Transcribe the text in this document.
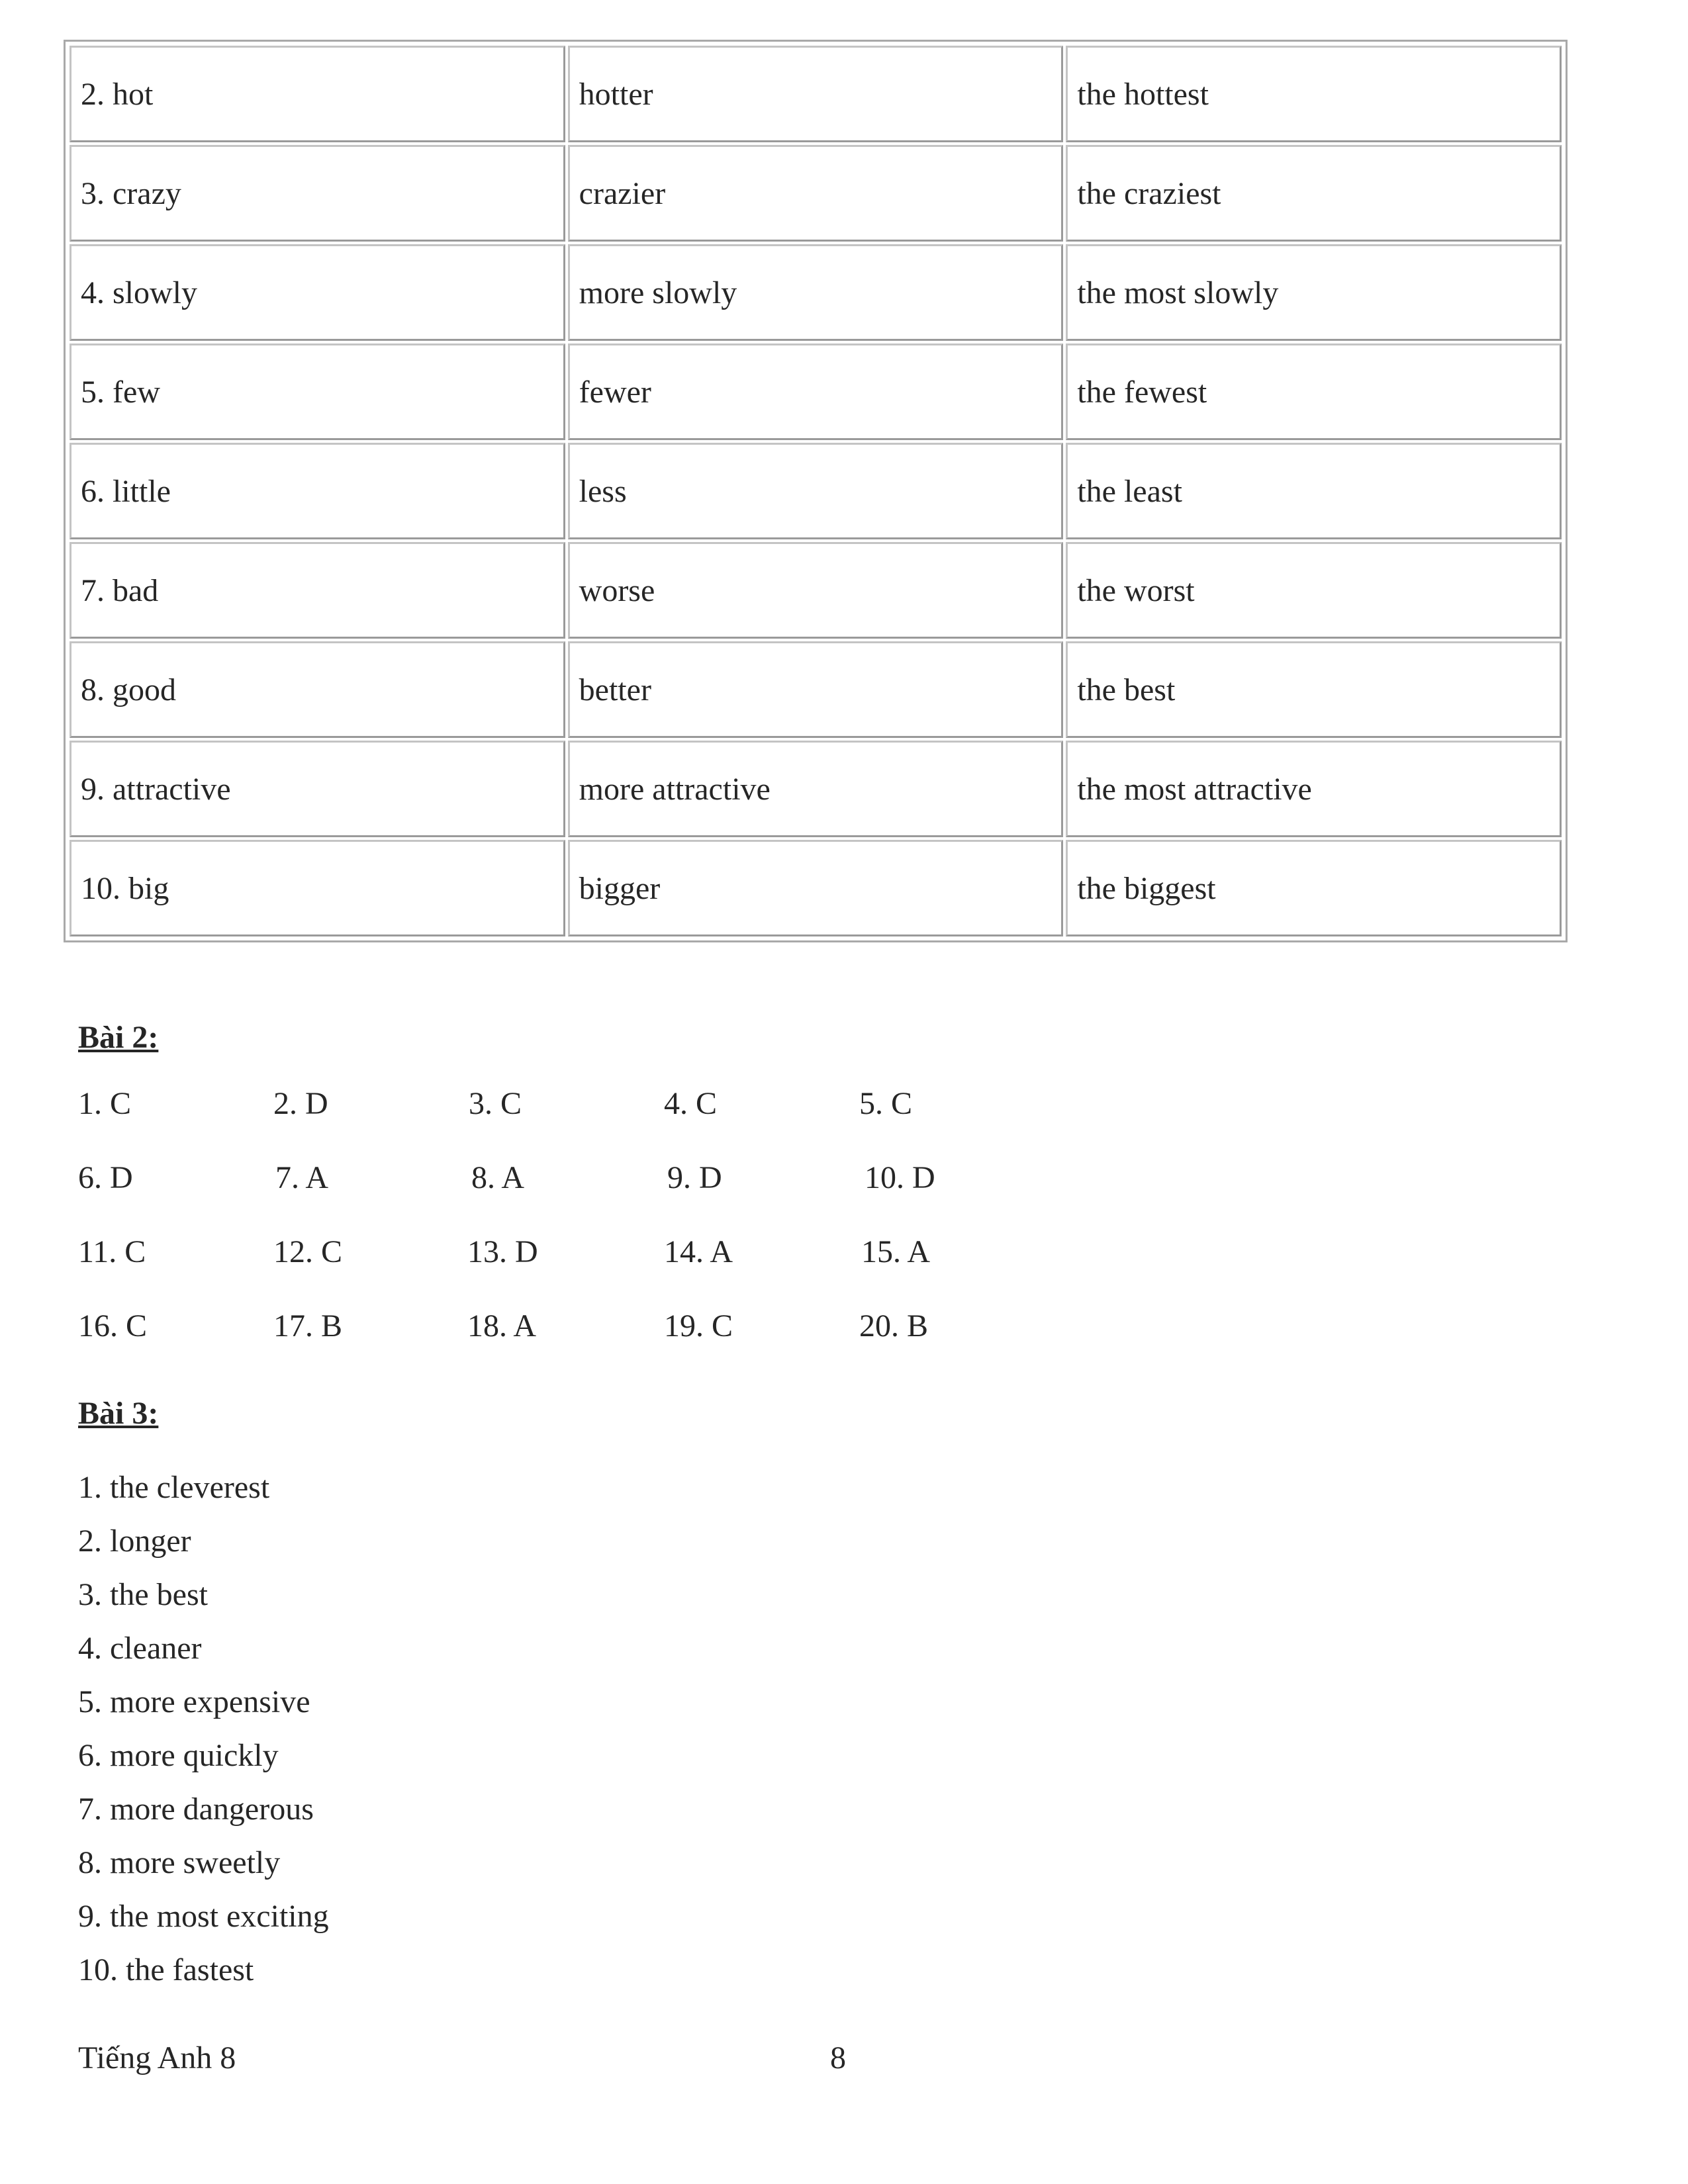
2. hot	hotter	the hottest
3. crazy	crazier	the craziest
4. slowly	more slowly	the most slowly
5. few	fewer	the fewest
6. little	less	the least
7. bad	worse	the worst
8. good	better	the best
9. attractive	more attractive	the most attractive
10. big	bigger	the biggest
Bài 2:
1. C	2. D	3. C	4. C	5. C
6. D	7. A	8. A	9. D	10. D
11. C	12. C	13. D	14. A	15. A
16. C	17. B	18. A	19. C	20. B
Bài 3:
1. the cleverest
2. longer
3. the best
4. cleaner
5. more expensive
6. more quickly
7. more dangerous
8. more sweetly
9. the most exciting
10. the fastest
Tiếng Anh 8	8
